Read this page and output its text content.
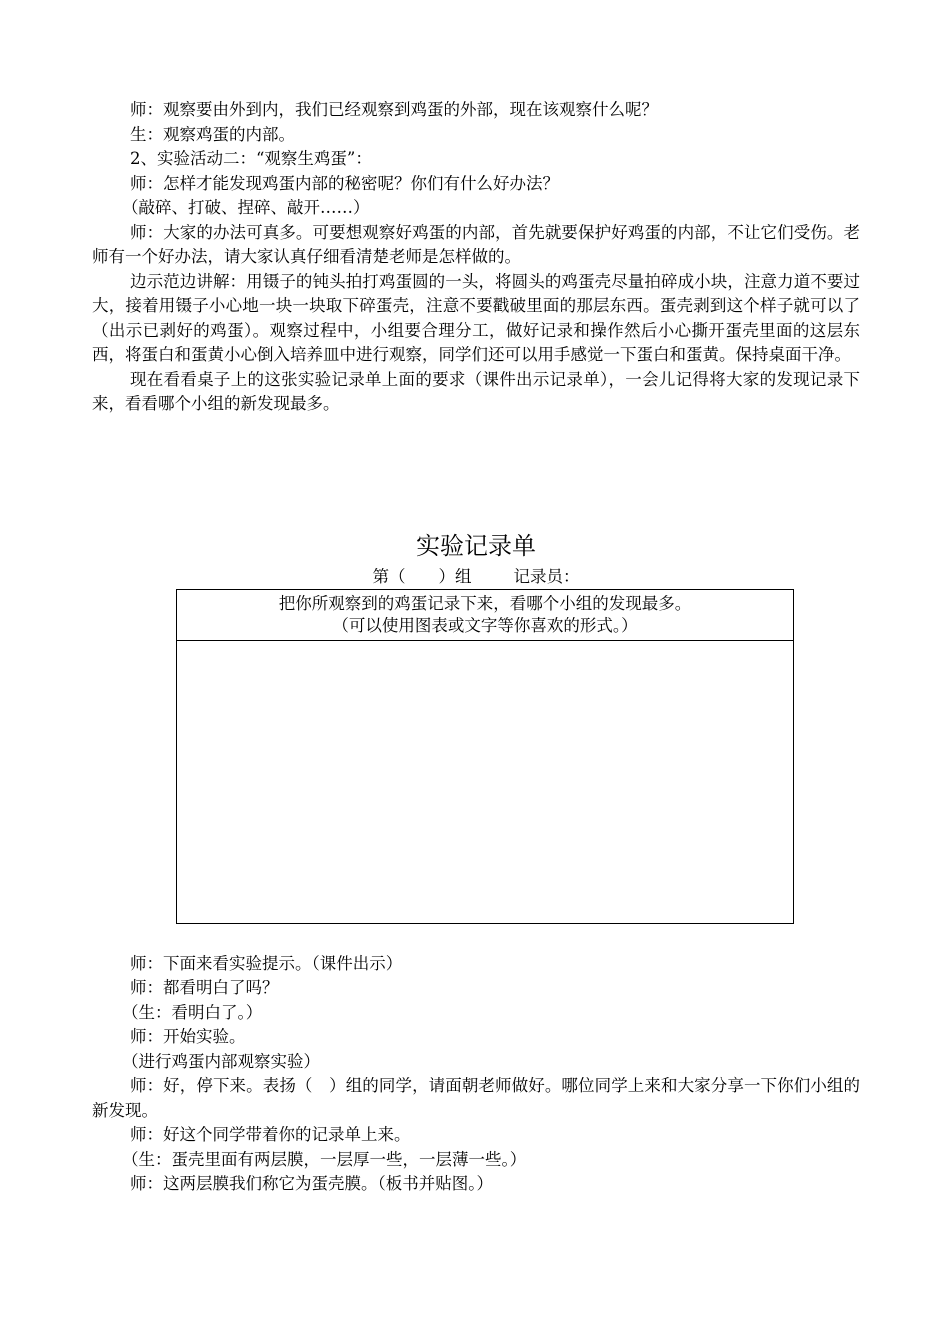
师：观察要由外到内，我们已经观察到鸡蛋的外部，现在该观察什么呢？

生：观察鸡蛋的内部。

2、实验活动二：“观察生鸡蛋”：

师：怎样才能发现鸡蛋内部的秘密呢？你们有什么好办法？

（敲碎、打破、捏碎、敲开……）

师：大家的办法可真多。可要想观察好鸡蛋的内部，首先就要保护好鸡蛋的内部，不让它们受伤。老师有一个好办法，请大家认真仔细看清楚老师是怎样做的。

边示范边讲解：用镊子的钝头拍打鸡蛋圆的一头，将圆头的鸡蛋壳尽量拍碎成小块，注意力道不要过大，接着用镊子小心地一块一块取下碎蛋壳，注意不要戳破里面的那层东西。蛋壳剥到这个样子就可以了（出示已剥好的鸡蛋）。观察过程中，小组要合理分工，做好记录和操作然后小心撕开蛋壳里面的这层东西，将蛋白和蛋黄小心倒入培养皿中进行观察，同学们还可以用手感觉一下蛋白和蛋黄。保持桌面干净。

现在看看桌子上的这张实验记录单上面的要求（课件出示记录单），一会儿记得将大家的发现记录下来，看看哪个小组的新发现最多。

实验记录单

第（　　）组	记录员：

把你所观察到的鸡蛋记录下来，看哪个小组的发现最多。
（可以使用图表或文字等你喜欢的形式。）

师：下面来看实验提示。（课件出示）

师：都看明白了吗？

（生：看明白了。）

师：开始实验。

（进行鸡蛋内部观察实验）

师：好，停下来。表扬（　）组的同学，请面朝老师做好。哪位同学上来和大家分享一下你们小组的新发现。

师：好这个同学带着你的记录单上来。

（生：蛋壳里面有两层膜，一层厚一些，一层薄一些。）

师：这两层膜我们称它为蛋壳膜。（板书并贴图。）
